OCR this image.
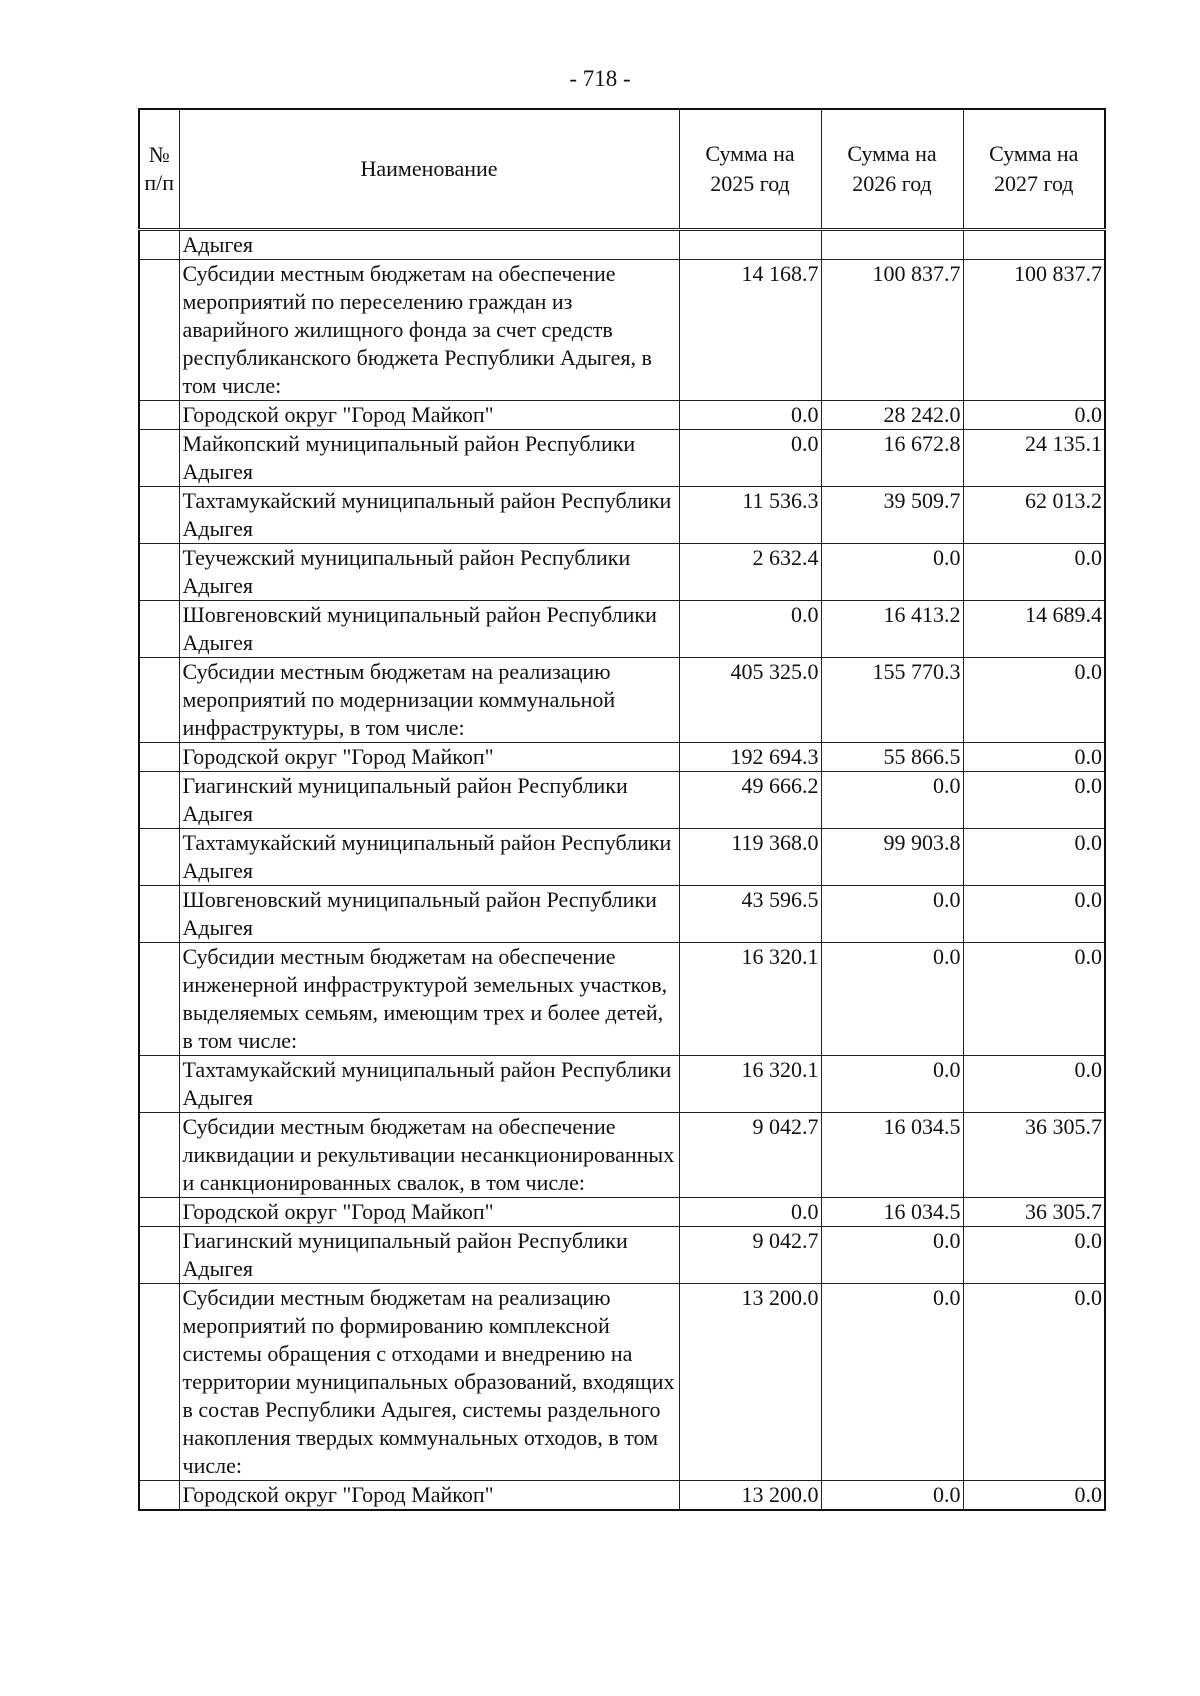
- 718 -
№ п/п	Наименование	Сумма на 2025 год	Сумма на 2026 год	Сумма на 2027 год
	Адыгея			
	Субсидии местным бюджетам на обеспечение мероприятий по переселению граждан из аварийного жилищного фонда за счет средств республиканского бюджета Республики Адыгея, в том числе:	14 168.7	100 837.7	100 837.7
	Городской округ "Город Майкоп"	0.0	28 242.0	0.0
	Майкопский муниципальный район Республики Адыгея	0.0	16 672.8	24 135.1
	Тахтамукайский муниципальный район Республики Адыгея	11 536.3	39 509.7	62 013.2
	Теучежский муниципальный район Республики Адыгея	2 632.4	0.0	0.0
	Шовгеновский муниципальный район Республики Адыгея	0.0	16 413.2	14 689.4
	Субсидии местным бюджетам на реализацию мероприятий по модернизации коммунальной инфраструктуры, в том числе:	405 325.0	155 770.3	0.0
	Городской округ "Город Майкоп"	192 694.3	55 866.5	0.0
	Гиагинский муниципальный район Республики Адыгея	49 666.2	0.0	0.0
	Тахтамукайский муниципальный район Республики Адыгея	119 368.0	99 903.8	0.0
	Шовгеновский муниципальный район Республики Адыгея	43 596.5	0.0	0.0
	Субсидии местным бюджетам на обеспечение инженерной инфраструктурой земельных участков, выделяемых семьям, имеющим трех и более детей, в том числе:	16 320.1	0.0	0.0
	Тахтамукайский муниципальный район Республики Адыгея	16 320.1	0.0	0.0
	Субсидии местным бюджетам на обеспечение ликвидации и рекультивации несанкционированных и санкционированных свалок, в том числе:	9 042.7	16 034.5	36 305.7
	Городской округ "Город Майкоп"	0.0	16 034.5	36 305.7
	Гиагинский муниципальный район Республики Адыгея	9 042.7	0.0	0.0
	Субсидии местным бюджетам на реализацию мероприятий по формированию комплексной системы обращения с отходами и внедрению на территории муниципальных образований, входящих в состав Республики Адыгея, системы раздельного накопления твердых коммунальных отходов, в том числе:	13 200.0	0.0	0.0
	Городской округ "Город Майкоп"	13 200.0	0.0	0.0
